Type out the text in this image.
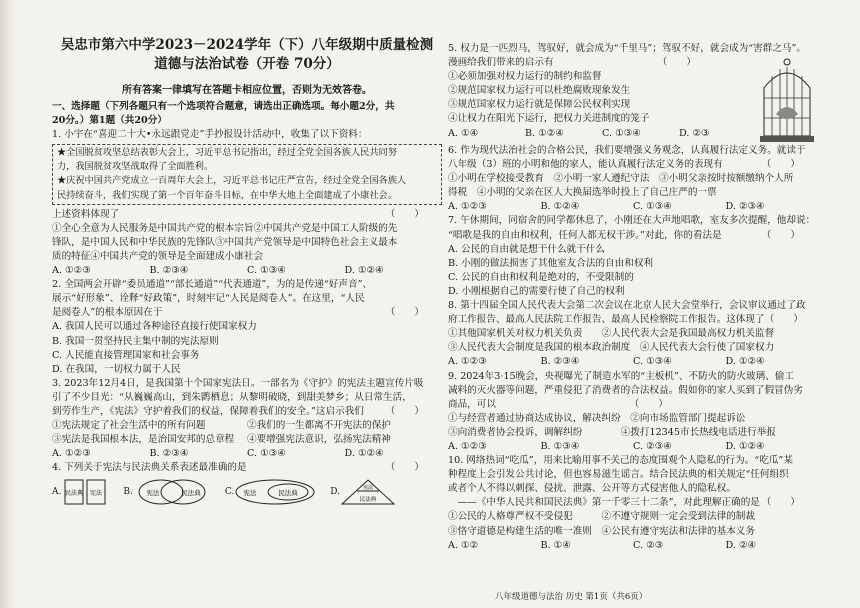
吴忠市第六中学2023－2024学年（下）八年级期中质量检测

道德与法治试卷（开卷 70分）

所有答案一律填写在答题卡相应位置，否则为无效答卷。

一、选择题（下列各题只有一个选项符合题意，请选出正确选项。每小题2分，共

20分。）第1题（共20分）

1. 小宇在“喜迎二十大•永远跟党走”手抄报设计活动中，收集了以下资料：

★全国脱贫攻坚总结表彰大会上，习近平总书记指出，经过全党全国各族人民共同努

力，我国脱贫攻坚战取得了全面胜利。

★庆祝中国共产党成立一百周年大会上，习近平总书记庄严宣告，经过全党全国各族人

民持续奋斗，我们实现了第一个百年奋斗目标，在中华大地上全面建成了小康社会。

上述资料体现了	（　　）

①全心全意为人民服务是中国共产党的根本宗旨②中国共产党是中国工人阶级的先

锋队，是中国人民和中华民族的先锋队③中国共产党领导是中国特色社会主义最本

质的特征④中国共产党的领导是全面建成小康社会

A. ①②③	B. ②③④	C. ①③④	D. ①②④

2. 全国两会开辟“委员通道”“部长通道”“代表通道”，为的是传递“好声音”、

展示“好形象”、诠释“好政策”，时刻牢记“人民是阅卷人”。在这里，“人民

是阅卷人”的根本原因在于	（　　）

A. 我国人民可以通过各种途径直接行使国家权力

B. 我国一贯坚持民主集中制的宪法原则

C. 人民能直接管理国家和社会事务

D. 在我国，一切权力属于人民

3. 2023年12月4日，是我国第十个国家宪法日。一部名为《守护》的宪法主题宣传片吸

引了不少目光：“从巍巍高山，到朱鹮栖息；从黎明破晓，到甜美梦乡；从日常生活，

到劳作生产，《宪法》守护着我们的权益，保障着我们的安全。”这启示我们 （　　）
①宪法规定了社会生活中的所有问题	②我们的一生都离不开宪法的保护
③宪法是我国根本法，是治国安邦的总章程	④要增强宪法意识，弘扬宪法精神
A. ①②③	B. ②③④	C. ①③④	D. ①②④
4. 下列关于宪法与民法典关系表述最准确的是	（　　）
A. 民法典 宪法 B. 宪法	民法典	C. 宪法	民法典	D.	宪法
民法典

5. 权力是一匹烈马，驾驭好，就会成为“千里马”；驾驭不好，就会成为“害群之马”。

漫画给我们带来的启示有	（　　）

①必须加强对权力运行的制约和监督

②规范国家权力运行可以杜绝腐败现象发生

③规范国家权力运行就是保障公民权利实现

④让权力在阳光下运行，把权力关进制度的笼子

A. ①④	B. ①②④	C. ①③④	D. ②③

6. 作为现代法治社会的合格公民，我们要增强义务观念，认真履行法定义务。就读于

八年级（3）班的小明和他的家人，能认真履行法定义务的表现有	（　　）

①小明在学校接受教育　②小明一家人遵纪守法　③小明父亲按时按额缴纳个人所

得税　④小明的父亲在区人大换届选举时投上了自己庄严的一票

A. ①②③	B. ①②④	C. ①③④	D. ②③④

7. 午休期间，同宿舍的同学都休息了，小刚还在大声地唱歌，室友多次提醒，他却说：

“唱歌是我的自由和权利，任何人都无权干涉。”对此，你的看法是	（　　）

A. 公民的自由就是想干什么就干什么

B. 小刚的做法损害了其他室友合法的自由和权利

C. 公民的自由和权利是绝对的，不受限制的

D. 小刚根据自己的需要行使了自己的权利

8. 第十四届全国人民代表大会第二次会议在北京人民大会堂举行，会议审议通过了政

府工作报告、最高人民法院工作报告、最高人民检察院工作报告。这体现了 （　　）

①其他国家机关对权力机关负责　　②人民代表大会是我国最高权力机关监督

③人民代表大会制度是我国的根本政治制度　④人民代表大会行使了国家权力

A. ①②③	B. ②③④	C. ①③④	D. ①②④

9. 2024年3·15晚会，央视曝光了制造水军的“主板机”、不防火的防火玻璃、偷工

减料的灭火器等问题，严重侵犯了消费者的合法权益。假如你的家人买到了假冒伪劣

商品，可以	（　　）

①与经营者通过协商达成协议，解决纠纷　②向市场监管部门提起诉讼

③向消费者协会投诉，调解纠纷　　　　④拨打12345市长热线电话进行举报

A. ①②③	B. ①③④	C. ②③④	D. ①②④

10. 网络热词“吃瓜”，用来比喻用事不关己的态度围观个人隐私的行为。“吃瓜”某

种程度上会引发公共讨论，但也容易滋生谣言。结合民法典的相关规定“任何组织

或者个人不得以刺探、侵扰、泄露、公开等方式侵害他人的隐私权。

　——《中华人民共和国民法典》第一千零三十二条”，对此理解正确的是 （　　）

①公民的人格尊严权不受侵犯　　　②不遵守规则一定会受到法律的制裁

③恪守道德是构建生活的唯一准则　④公民有遵守宪法和法律的基本义务

A. ①②	B. ①④	C. ②③	D. ②④
八年级道德与法治 历史 第1页（共6页）
